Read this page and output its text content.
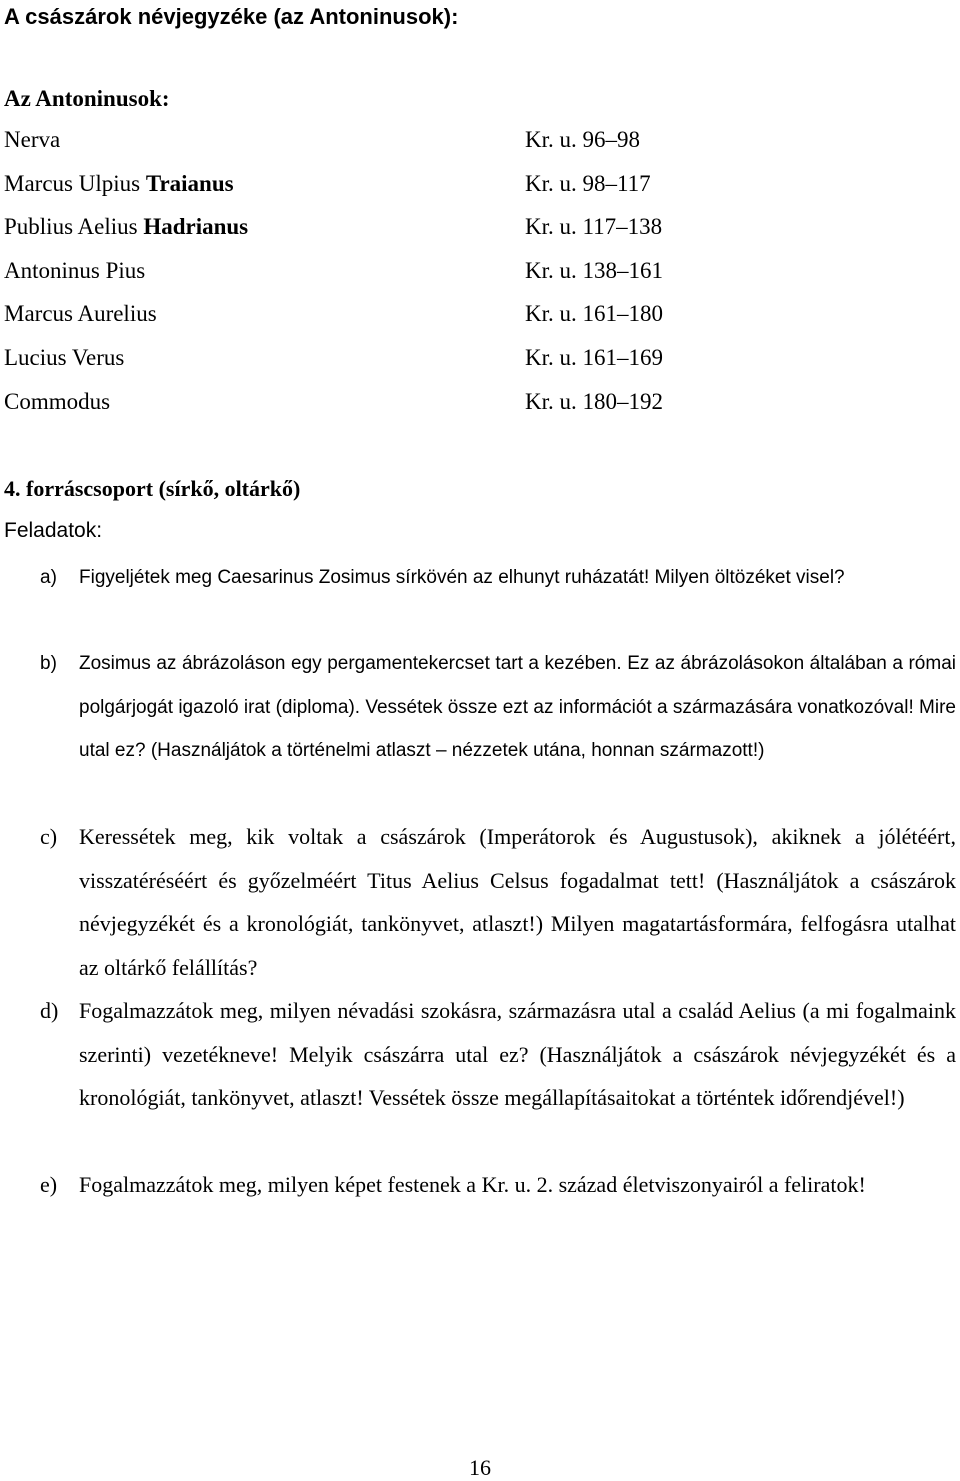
A császárok névjegyzéke (az Antoninusok):
Az Antoninusok:
Nerva	Kr. u. 96–98
Marcus Ulpius Traianus	Kr. u. 98–117
Publius Aelius Hadrianus	Kr. u. 117–138
Antoninus Pius	Kr. u. 138–161
Marcus Aurelius	Kr. u. 161–180
Lucius Verus	Kr. u. 161–169
Commodus	Kr. u. 180–192
4. forráscsoport (sírkő, oltárkő)
Feladatok:
a) Figyeljétek meg Caesarinus Zosimus sírkövén az elhunyt ruházatát! Milyen öltözéket visel?
b) Zosimus az ábrázoláson egy pergamentekercset tart a kezében. Ez az ábrázolásokon általában a római polgárjogát igazoló irat (diploma). Vessétek össze ezt az információt a származására vonatkozóval! Mire utal ez? (Használjátok a történelmi atlaszt – nézzetek utána, honnan származott!)
c) Keressétek meg, kik voltak a császárok (Imperátorok és Augustusok), akiknek a jólétéért, visszatéréséért és győzelméért Titus Aelius Celsus fogadalmat tett! (Használjátok a császárok névjegyzékét és a kronológiát, tankönyvet, atlaszt!) Milyen magatartásformára, felfogásra utalhat az oltárkő felállítás?
d) Fogalmazzátok meg, milyen névadási szokásra, származásra utal a család Aelius (a mi fogalmaink szerinti) vezetékneve! Melyik császárra utal ez? (Használjátok a császárok névjegyzékét és a kronológiát, tankönyvet, atlaszt! Vessétek össze megállapításaitokat a történtek időrendjével!)
e) Fogalmazzátok meg, milyen képet festenek a Kr. u. 2. század életviszonyairól a feliratok!
16
